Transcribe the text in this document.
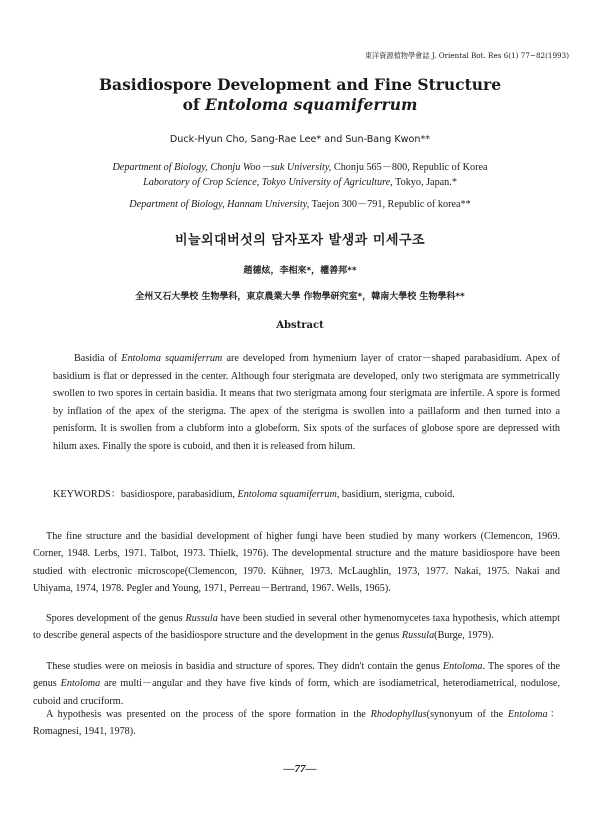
東洋資源植物學會誌 J. Oriental Bot. Res 6(1) 77~82(1993)
Basidiospore Development and Fine Structure
of Entoloma squamiferrum
Duck-Hyun Cho, Sang-Rae Lee* and Sun-Bang Kwon**
Department of Biology, Chonju Woo－suk University, Chonju 565－800, Republic of Korea
Laboratory of Crop Science, Tokyo University of Agriculture, Tokyo, Japan.*
Department of Biology, Hannam University, Taejon 300－791, Republic of korea**
비늘외대버섯의 담자포자 발생과 미세구조
趙德炫，李相來*，權善邦**
全州又石大學校 生物學科，東京農業大學 作物學研究室*，韓南大學校 生物學科**
Abstract

Basidia of Entoloma squamiferrum are developed from hymenium layer of crator－shaped parabasidium. Apex of basidium is flat or depressed in the center. Although four sterigmata are developed, only two sterigmata are symmetrically swollen to two spores in certain basidia. It means that two sterigmata among four sterigmata are infertile. A spore is formed by inflation of the apex of the sterigma. The apex of the sterigma is swollen into a paillaform and then turned into a penisform. It is swollen from a clubform into a globeform. Six spots of the surfaces of globose spore are depressed with hilum axes. Finally the spore is cuboid, and then it is released from hilum.

KEYWORDS：basidiospore, parabasidium, Entoloma squamiferrum, basidium, sterigma, cuboid.

The fine structure and the basidial development of higher fungi have been studied by many workers (Clemencon, 1969. Corner, 1948. Lerbs, 1971. Talbot, 1973. Thielk, 1976). The developmental structure and the mature basidiospore have been studied with electronic microscope(Clemencon, 1970. Kühner, 1973. McLaughlin, 1973, 1977. Nakai, 1975. Nakai and Uhiyama, 1974, 1978. Pegler and Young, 1971, Perreau－Bertrand, 1967. Wells, 1965).

Spores development of the genus Russula have been studied in several other hymenomycetes taxa hypothesis, which attempt to describe general aspects of the basidiospore structure and the development in the genus Russula(Burge, 1979).

These studies were on meiosis in basidia and structure of spores. They didn't contain the genus Entoloma. The spores of the genus Entoloma are multi－angular and they have five kinds of form, which are isodiametrical, heterodiametrical, nodulose, cuboid and cruciform.

A hypothesis was presented on the process of the spore formation in the Rhodophyllus(synonyum of the Entoloma：Romagnesi, 1941, 1978).

—77—
